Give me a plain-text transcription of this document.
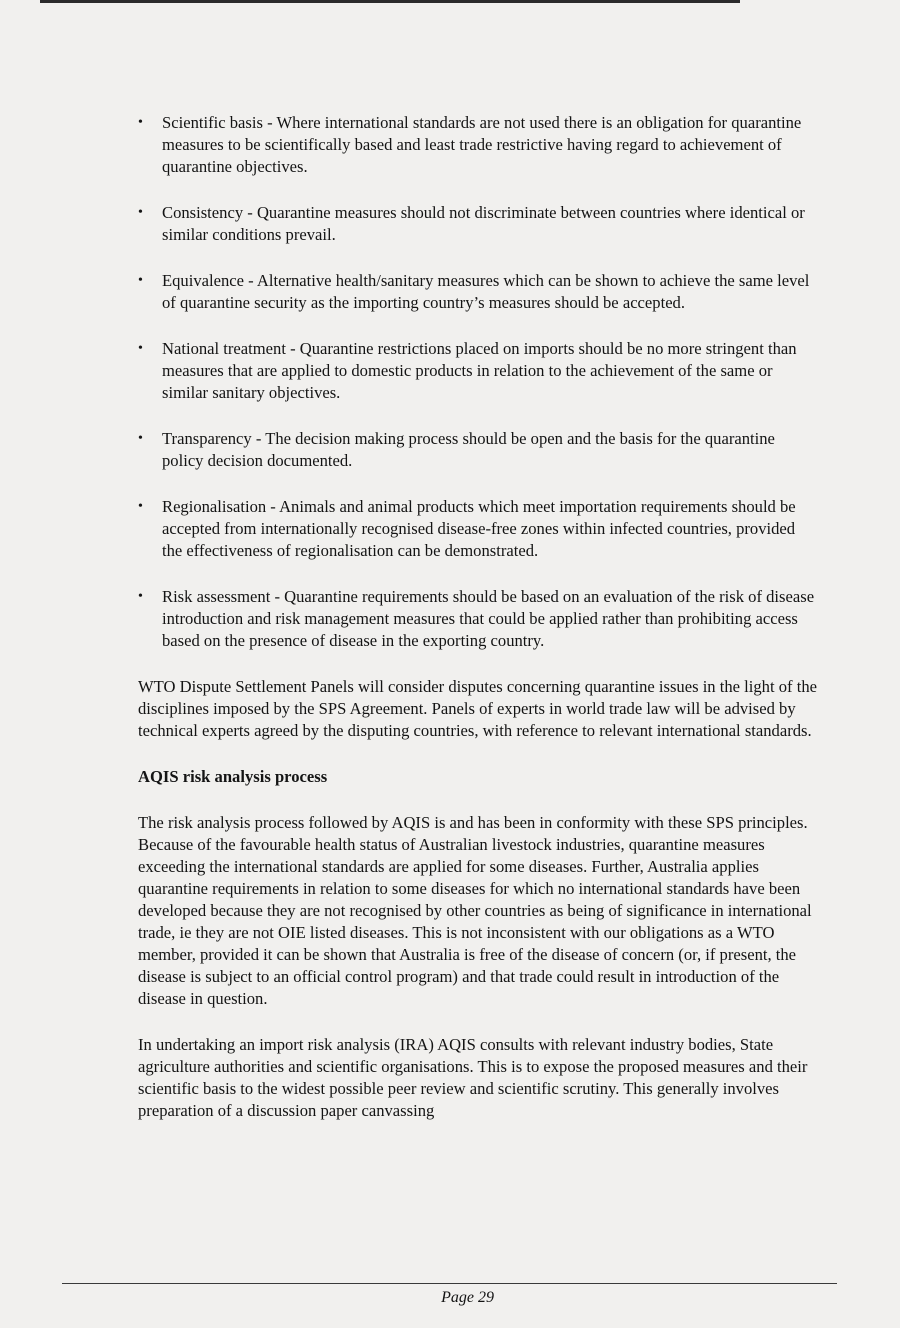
• Scientific basis - Where international standards are not used there is an obligation for quarantine measures to be scientifically based and least trade restrictive having regard to achievement of quarantine objectives.
• Consistency - Quarantine measures should not discriminate between countries where identical or similar conditions prevail.
• Equivalence - Alternative health/sanitary measures which can be shown to achieve the same level of quarantine security as the importing country’s measures should be accepted.
• National treatment - Quarantine restrictions placed on imports should be no more stringent than measures that are applied to domestic products in relation to the achievement of the same or similar sanitary objectives.
• Transparency - The decision making process should be open and the basis for the quarantine policy decision documented.
• Regionalisation - Animals and animal products which meet importation requirements should be accepted from internationally recognised disease-free zones within infected countries, provided the effectiveness of regionalisation can be demonstrated.
• Risk assessment - Quarantine requirements should be based on an evaluation of the risk of disease introduction and risk management measures that could be applied rather than prohibiting access based on the presence of disease in the exporting country.

WTO Dispute Settlement Panels will consider disputes concerning quarantine issues in the light of the disciplines imposed by the SPS Agreement. Panels of experts in world trade law will be advised by technical experts agreed by the disputing countries, with reference to relevant international standards.

AQIS risk analysis process

The risk analysis process followed by AQIS is and has been in conformity with these SPS principles. Because of the favourable health status of Australian livestock industries, quarantine measures exceeding the international standards are applied for some diseases. Further, Australia applies quarantine requirements in relation to some diseases for which no international standards have been developed because they are not recognised by other countries as being of significance in international trade, ie they are not OIE listed diseases. This is not inconsistent with our obligations as a WTO member, provided it can be shown that Australia is free of the disease of concern (or, if present, the disease is subject to an official control program) and that trade could result in introduction of the disease in question.

In undertaking an import risk analysis (IRA) AQIS consults with relevant industry bodies, State agriculture authorities and scientific organisations. This is to expose the proposed measures and their scientific basis to the widest possible peer review and scientific scrutiny. This generally involves preparation of a discussion paper canvassing

Page 29
